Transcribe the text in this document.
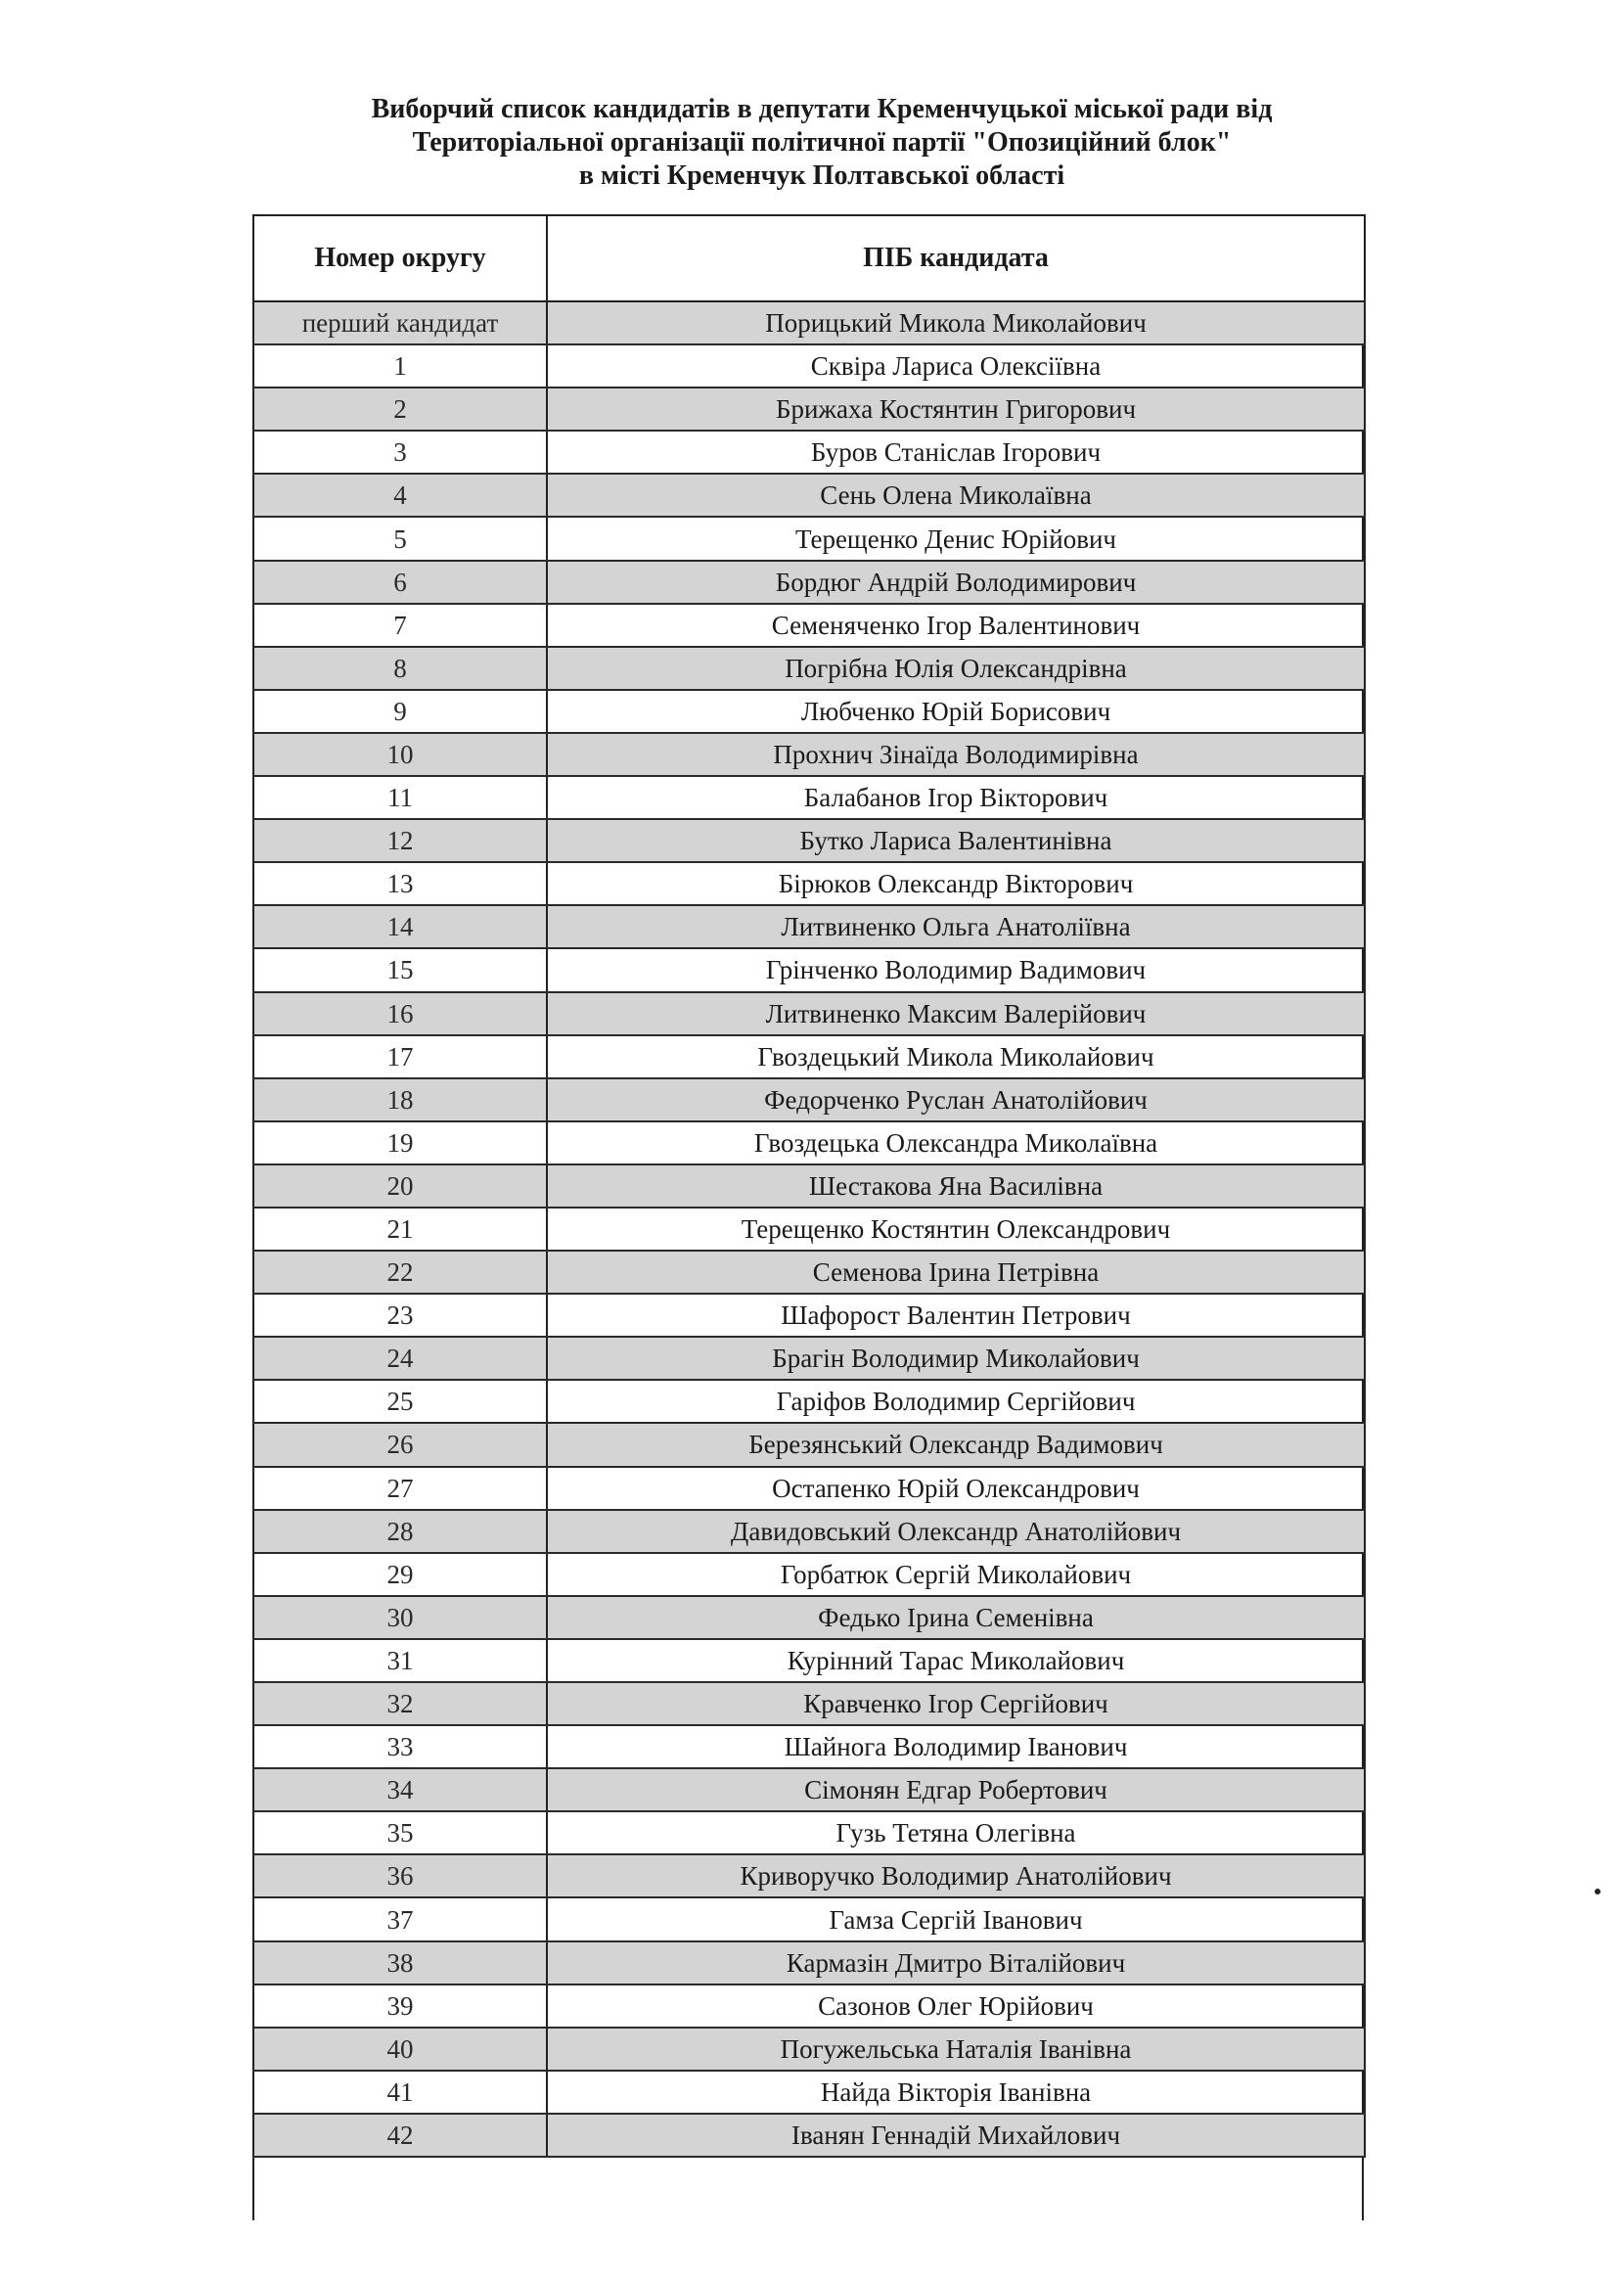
Виборчий список кандидатів в депутати Кременчуцької міської ради від
Територіальної організації політичної партії "Опозиційний блок"
в місті Кременчук Полтавської області
Номер округу	ПІБ кандидата
перший кандидат	Порицький Микола Миколайович
1	Сквіра Лариса Олексіївна
2	Брижаха Костянтин Григорович
3	Буров Станіслав Ігорович
4	Сень Олена Миколаївна
5	Терещенко Денис Юрійович
6	Бордюг Андрій Володимирович
7	Семеняченко Ігор Валентинович
8	Погрібна Юлія Олександрівна
9	Любченко Юрій Борисович
10	Прохнич Зінаїда Володимирівна
11	Балабанов Ігор Вікторович
12	Бутко Лариса Валентинівна
13	Бірюков Олександр Вікторович
14	Литвиненко Ольга Анатоліївна
15	Грінченко Володимир Вадимович
16	Литвиненко Максим Валерійович
17	Гвоздецький Микола Миколайович
18	Федорченко Руслан Анатолійович
19	Гвоздецька Олександра Миколаївна
20	Шестакова Яна Василівна
21	Терещенко Костянтин Олександрович
22	Семенова Ірина Петрівна
23	Шафорост Валентин Петрович
24	Брагін Володимир Миколайович
25	Гаріфов Володимир Сергійович
26	Березянський Олександр Вадимович
27	Остапенко Юрій Олександрович
28	Давидовський Олександр Анатолійович
29	Горбатюк Сергій Миколайович
30	Федько Ірина Семенівна
31	Курінний Тарас Миколайович
32	Кравченко Ігор Сергійович
33	Шайнога Володимир Іванович
34	Сімонян Едгар Робертович
35	Гузь Тетяна Олегівна
36	Криворучко Володимир Анатолійович
37	Гамза Сергій Іванович
38	Кармазін Дмитро Віталійович
39	Сазонов Олег Юрійович
40	Погужельська Наталія Іванівна
41	Найда Вікторія Іванівна
42	Іванян Геннадій Михайлович
